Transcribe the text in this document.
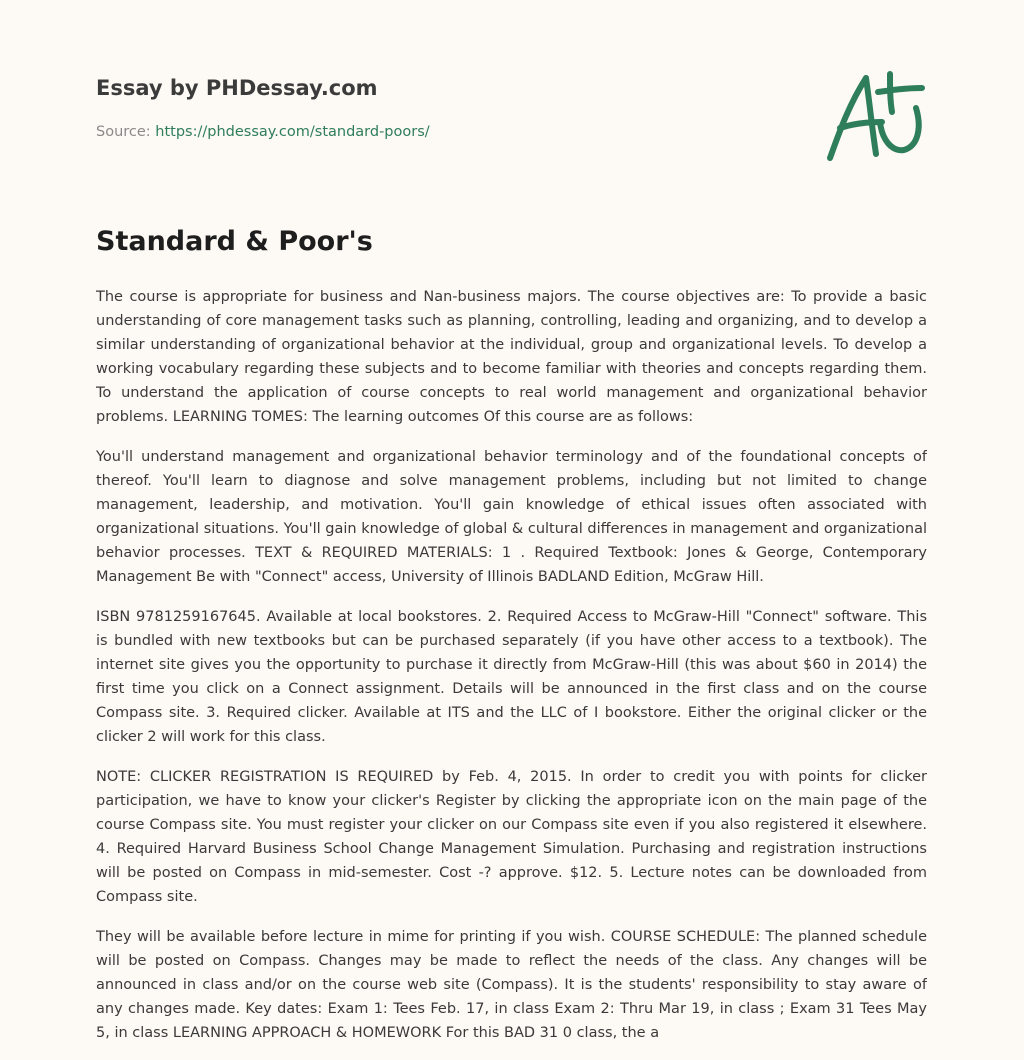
Essay by PHDessay.com

Source: https://phdessay.com/standard-poors/

Standard & Poor's

The course is appropriate for business and Nan-business majors. The course objectives are: To provide a basic understanding of core management tasks such as planning, controlling, leading and organizing, and to develop a similar understanding of organizational behavior at the individual, group and organizational levels. To develop a working vocabulary regarding these subjects and to become familiar with theories and concepts regarding them. To understand the application of course concepts to real world management and organizational behavior problems. LEARNING TOMES: The learning outcomes Of this course are as follows:

You'll understand management and organizational behavior terminology and of the foundational concepts of thereof. You'll learn to diagnose and solve management problems, including but not limited to change management, leadership, and motivation. You'll gain knowledge of ethical issues often associated with organizational situations. You'll gain knowledge of global & cultural differences in management and organizational behavior processes. TEXT & REQUIRED MATERIALS: 1 . Required Textbook: Jones & George, Contemporary Management Be with "Connect" access, University of Illinois BADLAND Edition, McGraw Hill.

ISBN 9781259167645. Available at local bookstores. 2. Required Access to McGraw-Hill "Connect" software. This is bundled with new textbooks but can be purchased separately (if you have other access to a textbook). The internet site gives you the opportunity to purchase it directly from McGraw-Hill (this was about $60 in 2014) the first time you click on a Connect assignment. Details will be announced in the first class and on the course Compass site. 3. Required clicker. Available at ITS and the LLC of I bookstore. Either the original clicker or the clicker 2 will work for this class.

NOTE: CLICKER REGISTRATION IS REQUIRED by Feb. 4, 2015. In order to credit you with points for clicker participation, we have to know your clicker's Register by clicking the appropriate icon on the main page of the course Compass site. You must register your clicker on our Compass site even if you also registered it elsewhere. 4. Required Harvard Business School Change Management Simulation. Purchasing and registration instructions will be posted on Compass in mid-semester. Cost -? approve. $12. 5. Lecture notes can be downloaded from Compass site.

They will be available before lecture in mime for printing if you wish. COURSE SCHEDULE: The planned schedule will be posted on Compass. Changes may be made to reflect the needs of the class. Any changes will be announced in class and/or on the course web site (Compass). It is the students' responsibility to stay aware of any changes made. Key dates: Exam 1: Tees Feb. 17, in class Exam 2: Thru Mar 19, in class ; Exam 31 Tees May 5, in class LEARNING APPROACH & HOMEWORK For this BAD 31 0 class, the a
